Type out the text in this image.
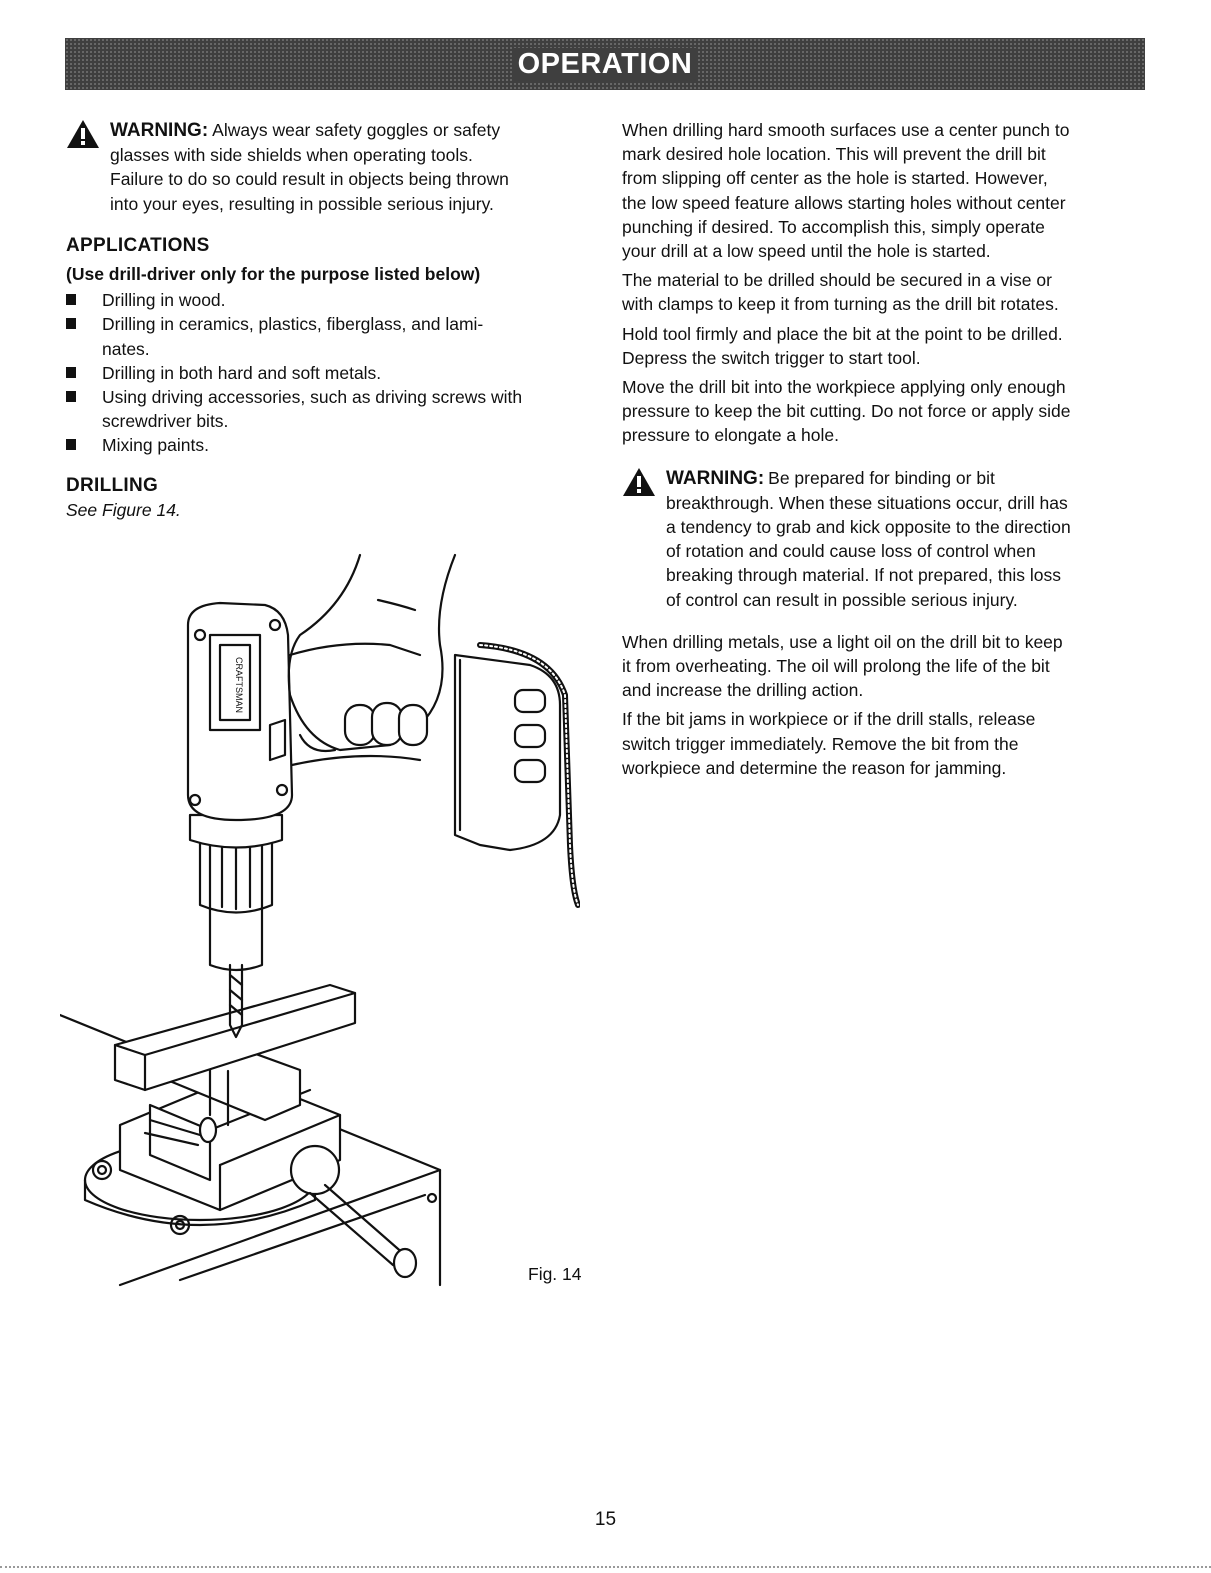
OPERATION
WARNING: Always wear safety goggles or safety
glasses with side shields when operating tools.
Failure to do so could result in objects being thrown
into your eyes, resulting in possible serious injury.
APPLICATIONS
(Use drill-driver only for the purpose listed below)
Drilling in wood.
Drilling in ceramics, plastics, fiberglass, and lami-
nates.
Drilling in both hard and soft metals.
Using driving accessories, such as driving screws with
screwdriver bits.
Mixing paints.
DRILLING
See Figure 14.

When drilling hard smooth surfaces use a center punch to
mark desired hole location. This will prevent the drill bit
from slipping off center as the hole is started. However,
the low speed feature allows starting holes without center
punching if desired. To accomplish this, simply operate
your drill at a low speed until the hole is started.

The material to be drilled should be secured in a vise or
with clamps to keep it from turning as the drill bit rotates.

Hold tool firmly and place the bit at the point to be drilled.
Depress the switch trigger to start tool.

Move the drill bit into the workpiece applying only enough
pressure to keep the bit cutting. Do not force or apply side
pressure to elongate a hole.

WARNING: Be prepared for binding or bit
breakthrough. When these situations occur, drill has
a tendency to grab and kick opposite to the direction
of rotation and could cause loss of control when
breaking through material. If not prepared, this loss
of control can result in possible serious injury.

When drilling metals, use a light oil on the drill bit to keep
it from overheating. The oil will prolong the life of the bit
and increase the drilling action.

If the bit jams in workpiece or if the drill stalls, release
switch trigger immediately. Remove the bit from the
workpiece and determine the reason for jamming.

CRAFTSMAN
Fig. 14
15
